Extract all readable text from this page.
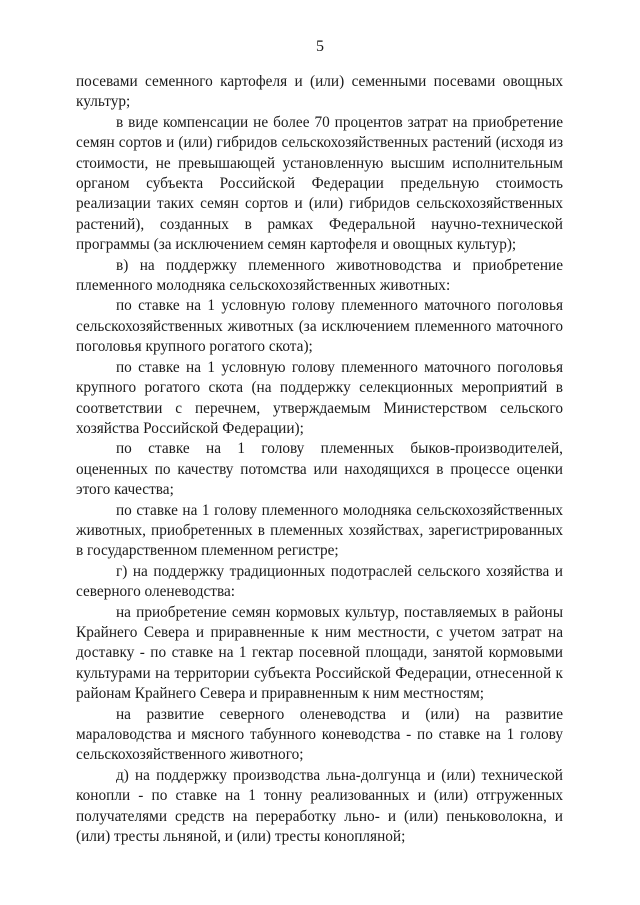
5

посевами семенного картофеля и (или) семенными посевами овощных культур;

в виде компенсации не более 70 процентов затрат на приобретение семян сортов и (или) гибридов сельскохозяйственных растений (исходя из стоимости, не превышающей установленную высшим исполнительным органом субъекта Российской Федерации предельную стоимость реализации таких семян сортов и (или) гибридов сельскохозяйственных растений), созданных в рамках Федеральной научно-технической программы (за исключением семян картофеля и овощных культур);

в) на поддержку племенного животноводства и приобретение племенного молодняка сельскохозяйственных животных:

по ставке на 1 условную голову племенного маточного поголовья сельскохозяйственных животных (за исключением племенного маточного поголовья крупного рогатого скота);

по ставке на 1 условную голову племенного маточного поголовья крупного рогатого скота (на поддержку селекционных мероприятий в соответствии с перечнем, утверждаемым Министерством сельского хозяйства Российской Федерации);

по ставке на 1 голову племенных быков-производителей, оцененных по качеству потомства или находящихся в процессе оценки этого качества;

по ставке на 1 голову племенного молодняка сельскохозяйственных животных, приобретенных в племенных хозяйствах, зарегистрированных в государственном племенном регистре;

г) на поддержку традиционных подотраслей сельского хозяйства и северного оленеводства:

на приобретение семян кормовых культур, поставляемых в районы Крайнего Севера и приравненные к ним местности, с учетом затрат на доставку - по ставке на 1 гектар посевной площади, занятой кормовыми культурами на территории субъекта Российской Федерации, отнесенной к районам Крайнего Севера и приравненным к ним местностям;

на развитие северного оленеводства и (или) на развитие мараловодства и мясного табунного коневодства - по ставке на 1 голову сельскохозяйственного животного;

д) на поддержку производства льна-долгунца и (или) технической конопли - по ставке на 1 тонну реализованных и (или) отгруженных получателями средств на переработку льно- и (или) пеньковолокна, и (или) тресты льняной, и (или) тресты конопляной;
